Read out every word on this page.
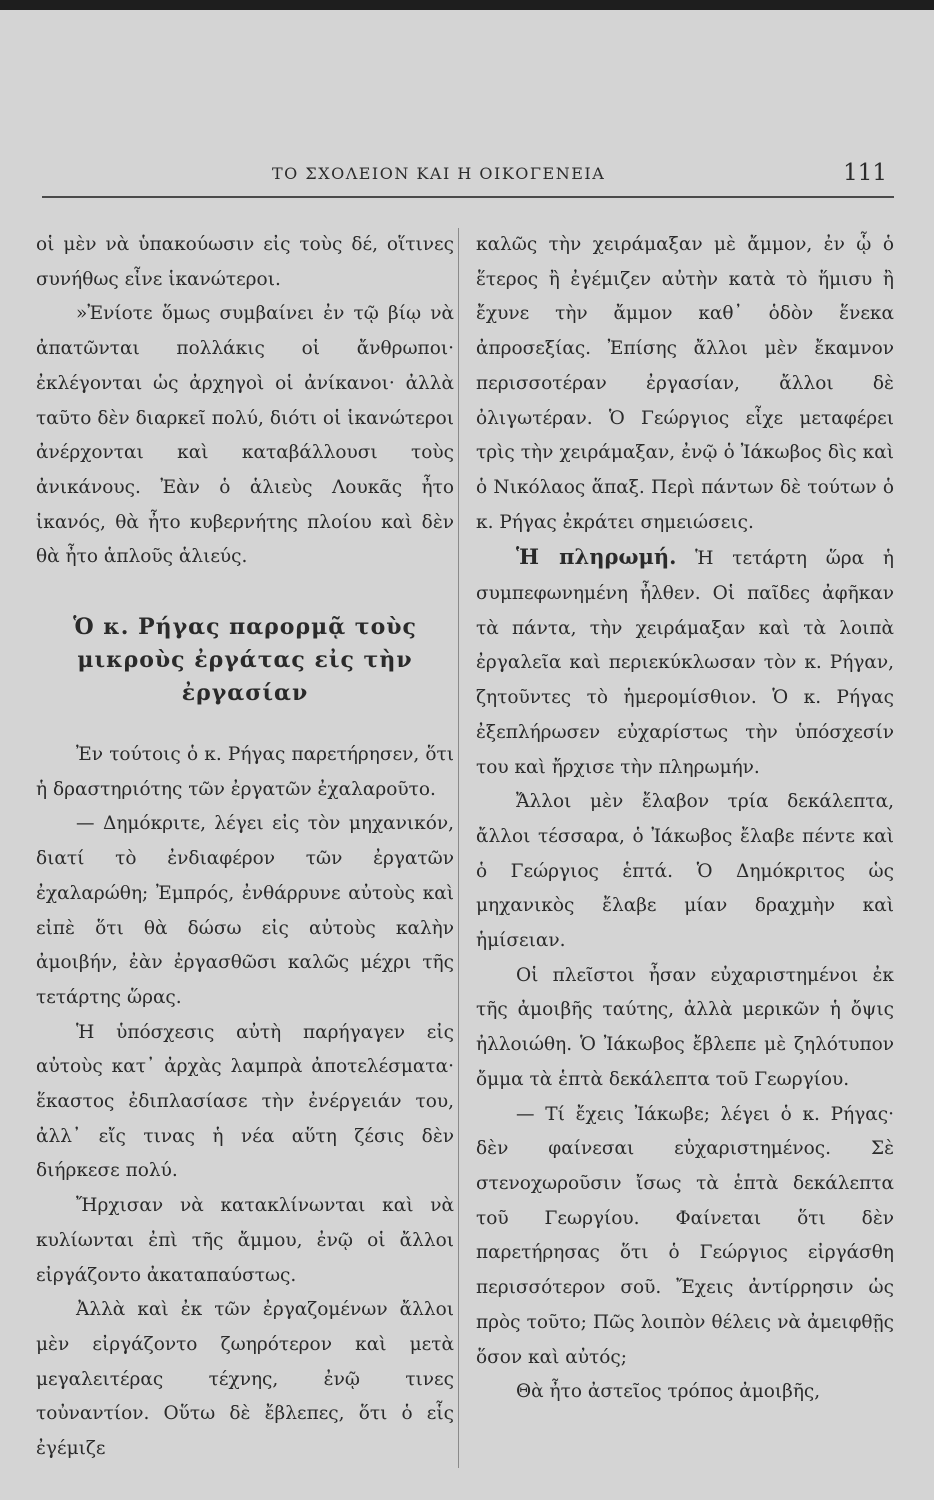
ΤΟ ΣΧΟΛΕΙΟΝ ΚΑΙ Η ΟΙΚΟΓΕΝΕΙΑ	111

οἱ μὲν νὰ ὑπακούωσιν εἰς τοὺς δέ, οἵτινες συνήθως εἶνε ἱκανώτεροι.

»Ἐνίοτε ὅμως συμβαίνει ἐν τῷ βίῳ νὰ ἀπατῶνται πολλάκις οἱ ἄνθρωποι· ἐκλέγονται ὡς ἀρχηγοὶ οἱ ἀνίκανοι· ἀλλὰ ταῦτο δὲν διαρκεῖ πολύ, διότι οἱ ἱκανώτεροι ἀνέρχονται καὶ καταβάλλουσι τοὺς ἀνικάνους. Ἐὰν ὁ ἁλιεὺς Λουκᾶς ἦτο ἱκανός, θὰ ἦτο κυβερνήτης πλοίου καὶ δὲν θὰ ἦτο ἁπλοῦς ἁλιεύς.

Ὁ κ. Ρήγας παρορμᾷ τοὺς μικροὺς ἐργάτας εἰς τὴν ἐργασίαν

Ἐν τούτοις ὁ κ. Ρήγας παρετήρησεν, ὅτι ἡ δραστηριότης τῶν ἐργατῶν ἐχαλαροῦτο.

— Δημόκριτε, λέγει εἰς τὸν μηχανικόν, διατί τὸ ἐνδιαφέρον τῶν ἐργατῶν ἐχαλαρώθη; Ἐμπρός, ἐνθάρρυνε αὐτοὺς καὶ εἰπὲ ὅτι θὰ δώσω εἰς αὐτοὺς καλὴν ἀμοιβήν, ἐὰν ἐργασθῶσι καλῶς μέχρι τῆς τετάρτης ὥρας.

Ἡ ὑπόσχεσις αὐτὴ παρήγαγεν εἰς αὐτοὺς κατ᾽ ἀρχὰς λαμπρὰ ἀποτελέσματα· ἕκαστος ἐδιπλασίασε τὴν ἐνέργειάν του, ἀλλ᾽ εἴς τινας ἡ νέα αὕτη ζέσις δὲν διήρκεσε πολύ.

Ἤρχισαν νὰ κατακλίνωνται καὶ νὰ κυλίωνται ἐπὶ τῆς ἄμμου, ἐνῷ οἱ ἄλλοι εἰργάζοντο ἀκαταπαύστως.

Ἀλλὰ καὶ ἐκ τῶν ἐργαζομένων ἄλλοι μὲν εἰργάζοντο ζωηρότερον καὶ μετὰ μεγαλειτέρας τέχνης, ἐνῷ τινες τοὐναντίον. Οὕτω δὲ ἔβλεπες, ὅτι ὁ εἷς ἐγέμιζε

καλῶς τὴν χειράμαξαν μὲ ἄμμον, ἐν ᾧ ὁ ἕτερος ἢ ἐγέμιζεν αὐτὴν κατὰ τὸ ἥμισυ ἢ ἔχυνε τὴν ἄμμον καθ᾽ ὁδὸν ἕνεκα ἀπροσεξίας. Ἐπίσης ἄλλοι μὲν ἔκαμνον περισσοτέραν ἐργασίαν, ἄλλοι δὲ ὀλιγωτέραν. Ὁ Γεώργιος εἶχε μεταφέρει τρὶς τὴν χειράμαξαν, ἐνῷ ὁ Ἰάκωβος δὶς καὶ ὁ Νικόλαος ἅπαξ. Περὶ πάντων δὲ τούτων ὁ κ. Ρήγας ἐκράτει σημειώσεις.

Ἡ πληρωμή. Ἡ τετάρτη ὥρα ἡ συμπεφωνημένη ἦλθεν. Οἱ παῖδες ἀφῆκαν τὰ πάντα, τὴν χειράμαξαν καὶ τὰ λοιπὰ ἐργαλεῖα καὶ περιεκύκλωσαν τὸν κ. Ρήγαν, ζητοῦντες τὸ ἡμερομίσθιον. Ὁ κ. Ρήγας ἐξεπλήρωσεν εὐχαρίστως τὴν ὑπόσχεσίν του καὶ ἤρχισε τὴν πληρωμήν.

Ἄλλοι μὲν ἔλαβον τρία δεκάλεπτα, ἄλλοι τέσσαρα, ὁ Ἰάκωβος ἔλαβε πέντε καὶ ὁ Γεώργιος ἑπτά. Ὁ Δημόκριτος ὡς μηχανικὸς ἔλαβε μίαν δραχμὴν καὶ ἡμίσειαν.

Οἱ πλεῖστοι ἦσαν εὐχαριστημένοι ἐκ τῆς ἀμοιβῆς ταύτης, ἀλλὰ μερικῶν ἡ ὄψις ἠλλοιώθη. Ὁ Ἰάκωβος ἔβλεπε μὲ ζηλότυπον ὄμμα τὰ ἑπτὰ δεκάλεπτα τοῦ Γεωργίου.

— Τί ἔχεις Ἰάκωβε; λέγει ὁ κ. Ρήγας· δὲν φαίνεσαι εὐχαριστημένος. Σὲ στενοχωροῦσιν ἴσως τὰ ἑπτὰ δεκάλεπτα τοῦ Γεωργίου. Φαίνεται ὅτι δὲν παρετήρησας ὅτι ὁ Γεώργιος εἰργάσθη περισσότερον σοῦ. Ἔχεις ἀντίρρησιν ὡς πρὸς τοῦτο; Πῶς λοιπὸν θέλεις νὰ ἀμειφθῇς ὅσον καὶ αὐτός;

Θὰ ἦτο ἀστεῖος τρόπος ἀμοιβῆς,
